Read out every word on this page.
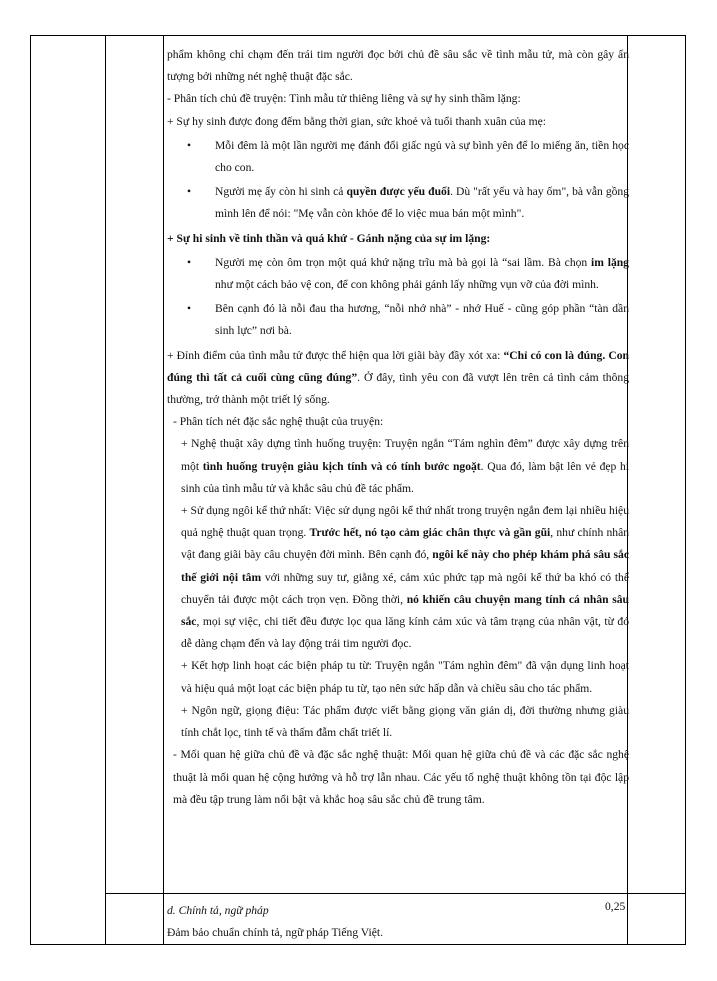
phẩm không chỉ chạm đến trái tim người đọc bởi chủ đề sâu sắc về tình mẫu tử, mà còn gây ấn tượng bởi những nét nghệ thuật đặc sắc.

- Phân tích chủ đề truyện: Tình mẫu tử thiêng liêng và sự hy sinh thầm lặng:

+ Sự hy sinh được đong đếm bằng thời gian, sức khoẻ và tuổi thanh xuân của mẹ:

• Mỗi đêm là một lần người mẹ đánh đổi giấc ngủ và sự bình yên để lo miếng ăn, tiền học cho con.
• Người mẹ ấy còn hi sinh cả quyền được yếu đuối. Dù "rất yếu và hay ốm", bà vẫn gồng mình lên để nói: "Mẹ vẫn còn khỏe để lo việc mua bán một mình".

+ Sự hi sinh về tinh thần và quá khứ - Gánh nặng của sự im lặng:

• Người mẹ còn ôm trọn một quá khứ nặng trĩu mà bà gọi là “sai lầm. Bà chọn im lặng như một cách bảo vệ con, để con không phải gánh lấy những vụn vỡ của đời mình.
• Bên cạnh đó là nỗi đau tha hương, “nỗi nhớ nhà” - nhớ Huế - cũng góp phần “tàn dần sinh lực” nơi bà.

+ Đỉnh điểm của tình mẫu tử được thể hiện qua lời giãi bày đầy xót xa: “Chỉ có con là đúng. Con đúng thì tất cả cuối cùng cũng đúng”. Ở đây, tình yêu con đã vượt lên trên cả tình cảm thông thường, trở thành một triết lý sống.

- Phân tích nét đặc sắc nghệ thuật của truyện:

+ Nghệ thuật xây dựng tình huống truyện: Truyện ngắn “Tám nghìn đêm” được xây dựng trên một tình huống truyện giàu kịch tính và có tính bước ngoặt. Qua đó, làm bật lên vẻ đẹp hi sinh của tình mẫu tử và khắc sâu chủ đề tác phẩm.

+ Sử dụng ngôi kể thứ nhất: Việc sử dụng ngôi kể thứ nhất trong truyện ngắn đem lại nhiều hiệu quả nghệ thuật quan trọng. Trước hết, nó tạo cảm giác chân thực và gần gũi, như chính nhân vật đang giãi bày câu chuyện đời mình. Bên cạnh đó, ngôi kể này cho phép khám phá sâu sắc thế giới nội tâm với những suy tư, giằng xé, cảm xúc phức tạp mà ngôi kể thứ ba khó có thể chuyển tải được một cách trọn vẹn. Đồng thời, nó khiến câu chuyện mang tính cá nhân sâu sắc, mọi sự việc, chi tiết đều được lọc qua lăng kính cảm xúc và tâm trạng của nhân vật, từ đó dễ dàng chạm đến và lay động trái tim người đọc.

+ Kết hợp linh hoạt các biện pháp tu từ: Truyện ngắn "Tám nghìn đêm" đã vận dụng linh hoạt và hiệu quả một loạt các biện pháp tu từ, tạo nên sức hấp dẫn và chiều sâu cho tác phẩm.

+ Ngôn ngữ, giọng điệu: Tác phẩm được viết bằng giọng văn giản dị, đời thường nhưng giàu tính chắt lọc, tinh tế và thấm đẫm chất triết lí.

- Mối quan hệ giữa chủ đề và đặc sắc nghệ thuật: Mối quan hệ giữa chủ đề và các đặc sắc nghệ thuật là mối quan hệ cộng hưởng và hỗ trợ lẫn nhau. Các yếu tố nghệ thuật không tồn tại độc lập mà đều tập trung làm nổi bật và khắc hoạ sâu sắc chủ đề trung tâm.

d. Chính tả, ngữ pháp

Đảm bảo chuẩn chính tả, ngữ pháp Tiếng Việt.

0,25
